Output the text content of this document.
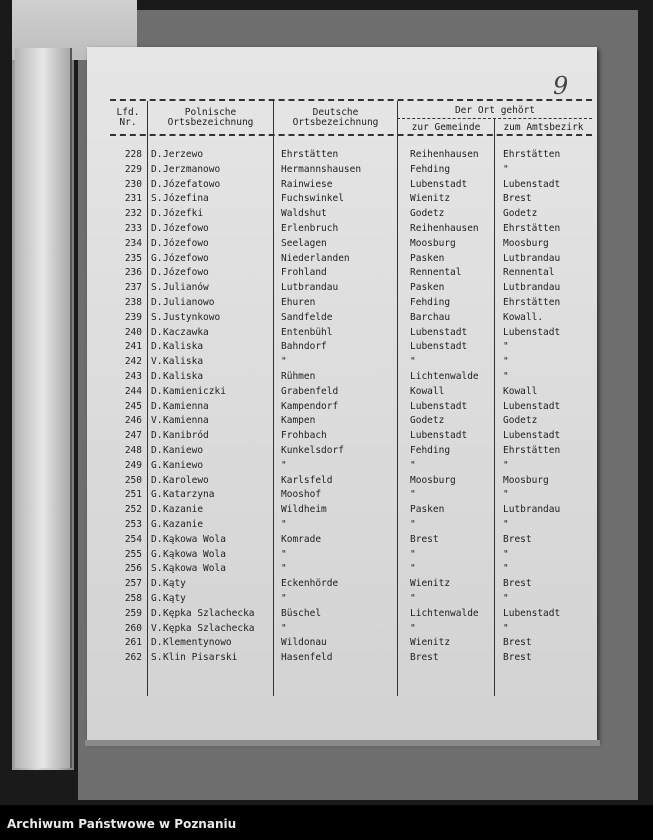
9
Lfd.
Nr.
Polnische
Ortsbezeichnung
Deutsche
Ortsbezeichnung
Der Ort gehört
zur Gemeinde	zum Amtsbezirk
228 D. Jerzewo	Ehrstätten	Reihenhausen	Ehrstätten
229 D. Jerzmanowo	Hermannshausen	Fehding	"
230 D. Józefatowo	Rainwiese	Lubenstadt	Lubenstadt
231 S. Józefina	Fuchswinkel	Wienitz	Brest
232 D. Józefki	Waldshut	Godetz	Godetz
233 D. Józefowo	Erlenbruch	Reihenhausen	Ehrstätten
234 D. Józefowo	Seelagen	Moosburg	Moosburg
235 G. Józefowo	Niederlanden	Pasken	Lutbrandau
236 D. Józefowo	Frohland	Rennental	Rennental
237 S. Julianów	Lutbrandau	Pasken	Lutbrandau
238 D. Julianowo	Ehuren	Fehding	Ehrstätten
239 S. Justynkowo	Sandfelde	Barchau	Kowall.
240 D. Kaczawka	Entenbühl	Lubenstadt	Lubenstadt
241 D. Kaliska	Bahndorf	Lubenstadt	"
242 V. Kaliska	"	"	"
243 D. Kaliska	Rühmen	Lichtenwalde	"
244 D. Kamieniczki	Grabenfeld	Kowall	Kowall
245 D. Kamienna	Kampendorf	Lubenstadt	Lubenstadt
246 V. Kamienna	Kampen	Godetz	Godetz
247 D. Kanibród	Frohbach	Lubenstadt	Lubenstadt
248 D. Kaniewo	Kunkelsdorf	Fehding	Ehrstätten
249 G. Kaniewo	"	"	"
250 D. Karolewo	Karlsfeld	Moosburg	Moosburg
251 G. Katarzyna	Mooshof	"	"
252 D. Kazanie	Wildheim	Pasken	Lutbrandau
253 G. Kazanie	"	"	"
254 D. Kąkowa Wola	Komrade	Brest	Brest
255 G. Kąkowa Wola	"	"	"
256 S. Kąkowa Wola	"	"	"
257 D. Kąty	Eckenhörde	Wienitz	Brest
258 G. Kąty	"	"	"
259 D. Kępka Szlachecka	Büschel	Lichtenwalde	Lubenstadt
260 V. Kępka Szlachecka	"	"	"
261 D. Klementynowo	Wildonau	Wienitz	Brest
262 S. Klin Pisarski	Hasenfeld	Brest	Brest
Archiwum Państwowe w Poznaniu
